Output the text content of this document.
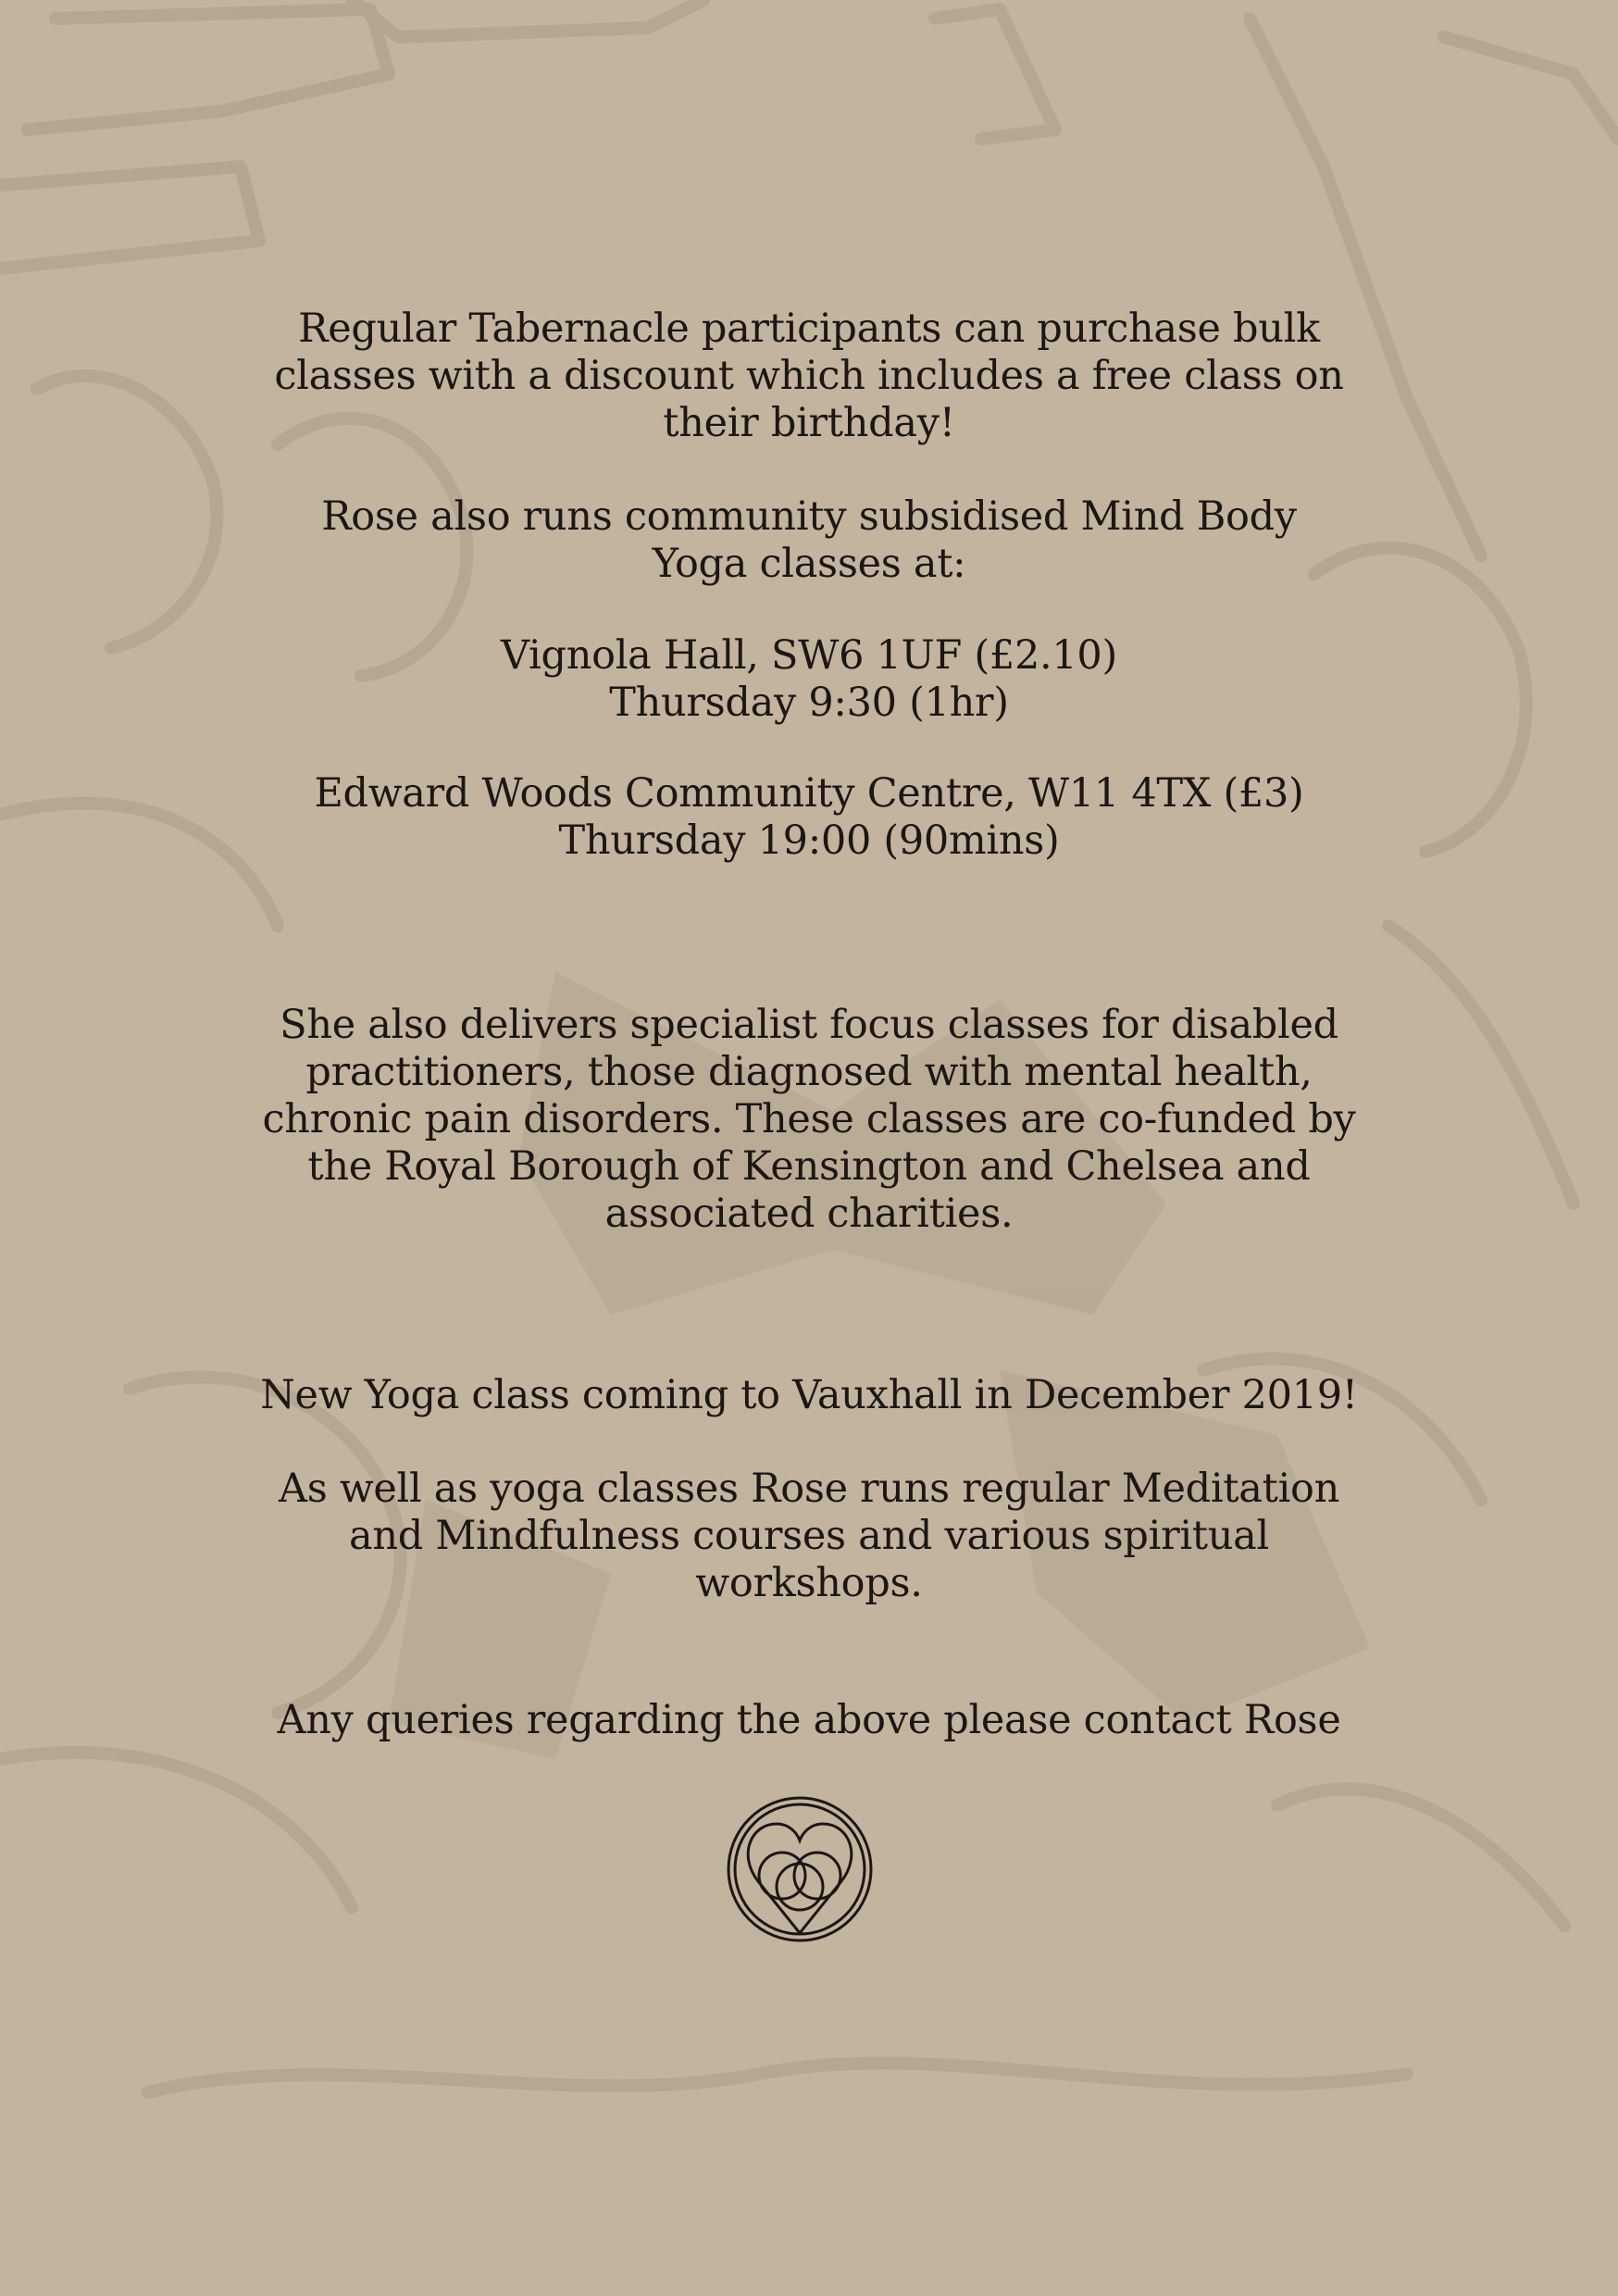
Regular Tabernacle participants can purchase bulk
classes with a discount which includes a free class on
their birthday!

Rose also runs community subsidised Mind Body
Yoga classes at:

Vignola Hall, SW6 1UF (£2.10)
Thursday 9:30 (1hr)

Edward Woods Community Centre, W11 4TX (£3)
Thursday 19:00 (90mins)

She also delivers specialist focus classes for disabled
practitioners, those diagnosed with mental health,
chronic pain disorders. These classes are co-funded by
the Royal Borough of Kensington and Chelsea and
associated charities.

New Yoga class coming to Vauxhall in December 2019!

As well as yoga classes Rose runs regular Meditation
and Mindfulness courses and various spiritual
workshops.

Any queries regarding the above please contact Rose
